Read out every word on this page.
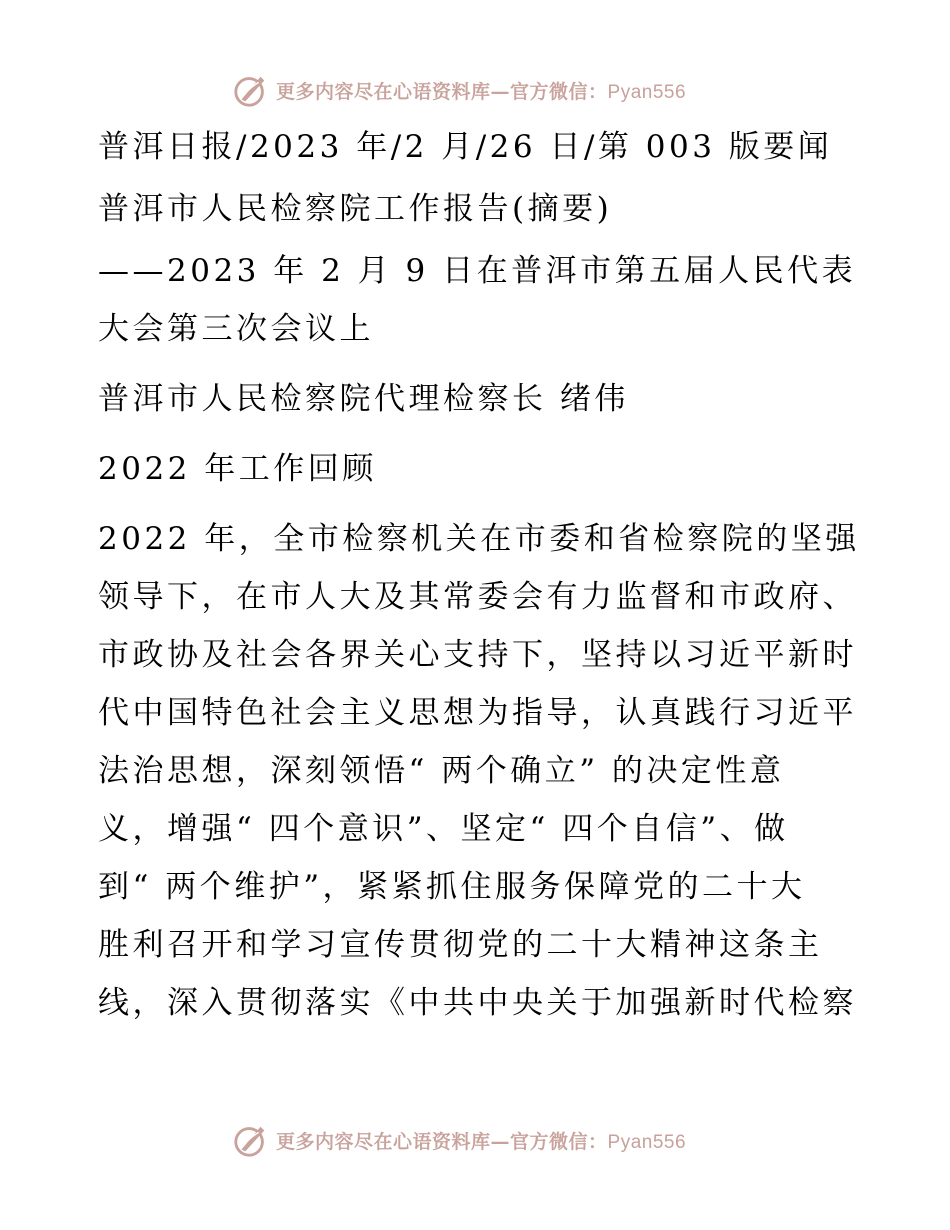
更多内容尽在心语资料库—官方微信：Pyan556
普洱日报/2023 年/2 月/26 日/第 003 版要闻
普洱市人民检察院工作报告(摘要)
——2023 年 2 月 9 日在普洱市第五届人民代表
大会第三次会议上
普洱市人民检察院代理检察长 绪伟
2022 年工作回顾
2022 年，全市检察机关在市委和省检察院的坚强
领导下，在市人大及其常委会有力监督和市政府、
市政协及社会各界关心支持下，坚持以习近平新时
代中国特色社会主义思想为指导，认真践行习近平
法治思想，深刻领悟“ 两个确立” 的决定性意
义，增强“ 四个意识”、坚定“ 四个自信”、做
到“ 两个维护”，紧紧抓住服务保障党的二十大
胜利召开和学习宣传贯彻党的二十大精神这条主
线，深入贯彻落实《中共中央关于加强新时代检察
更多内容尽在心语资料库—官方微信：Pyan556
